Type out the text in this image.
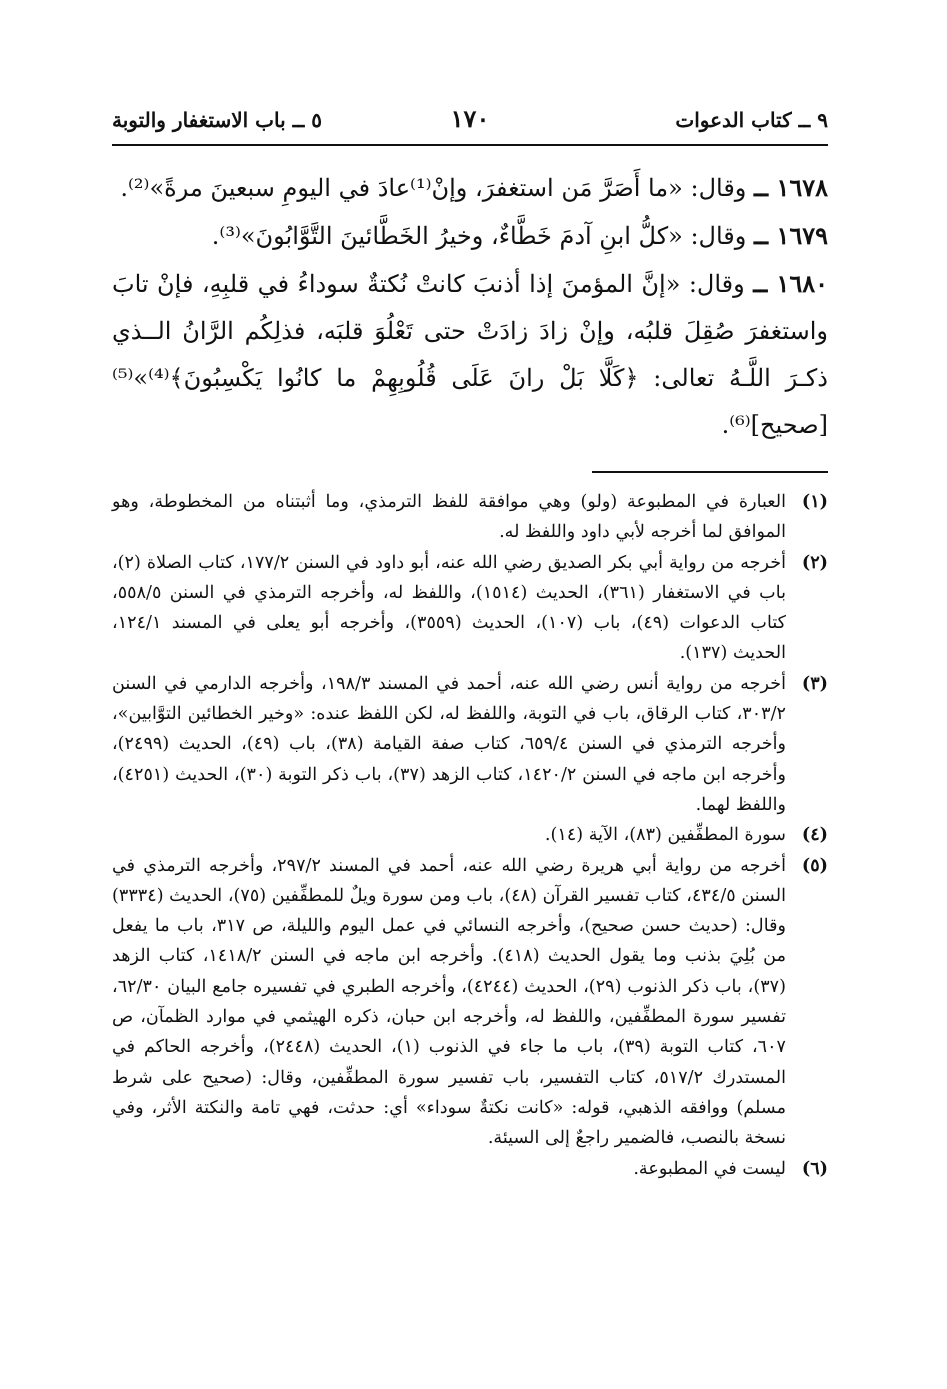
٩ ــ كتاب الدعوات
١٧٠
٥ ــ باب الاستغفار والتوبة

١٦٧٨ ــ وقال: «ما أَصَرَّ مَن استغفرَ، وإنْ⁽¹⁾عادَ في اليومِ سبعينَ مرةً»⁽²⁾.

١٦٧٩ ــ وقال: «كلُّ ابنِ آدمَ خَطَّاءٌ، وخيرُ الخَطَّائينَ التَّوَّابُونَ»⁽³⁾.

١٦٨٠ ــ وقال: «إنَّ المؤمنَ إذا أذنبَ كانتْ نُكتةٌ سوداءُ في قلبِهِ، فإنْ تابَ واستغفرَ صُقِلَ قلبُه، وإنْ زادَ زادَتْ حتى تَعْلُوَ قلبَه، فذلِكُم الرَّانُ الــذي ذكـرَ اللَّـهُ تعالى: ﴿كَلَّا بَلْ رانَ عَلَى قُلُوبِهِمْ ما كانُوا يَكْسِبُونَ﴾⁽⁴⁾»⁽⁵⁾ [صحيح]⁽⁶⁾.

(١)
العبارة في المطبوعة (ولو) وهي موافقة للفظ الترمذي، وما أثبتناه من المخطوطة، وهو الموافق لما أخرجه لأبي داود واللفظ له.
(٢)
أخرجه من رواية أبي بكر الصديق رضي الله عنه، أبو داود في السنن ١٧٧/٢، كتاب الصلاة (٢)، باب في الاستغفار (٣٦١)، الحديث (١٥١٤)، واللفظ له، وأخرجه الترمذي في السنن ٥٥٨/٥، كتاب الدعوات (٤٩)، باب (١٠٧)، الحديث (٣٥٥٩)، وأخرجه أبو يعلى في المسند ١٢٤/١، الحديث (١٣٧).
(٣)
أخرجه من رواية أنس رضي الله عنه، أحمد في المسند ١٩٨/٣، وأخرجه الدارمي في السنن ٣٠٣/٢، كتاب الرقاق، باب في التوبة، واللفظ له، لكن اللفظ عنده: «وخير الخطائين التوَّابين»، وأخرجه الترمذي في السنن ٦٥٩/٤، كتاب صفة القيامة (٣٨)، باب (٤٩)، الحديث (٢٤٩٩)، وأخرجه ابن ماجه في السنن ١٤٢٠/٢، كتاب الزهد (٣٧)، باب ذكر التوبة (٣٠)، الحديث (٤٢٥١)، واللفظ لهما.
(٤)
سورة المطفِّفين (٨٣)، الآية (١٤).
(٥)
أخرجه من رواية أبي هريرة رضي الله عنه، أحمد في المسند ٢٩٧/٢، وأخرجه الترمذي في السنن ٤٣٤/٥، كتاب تفسير القرآن (٤٨)، باب ومن سورة ويلٌ للمطفِّفين (٧٥)، الحديث (٣٣٣٤) وقال: (حديث حسن صحيح)، وأخرجه النسائي في عمل اليوم والليلة، ص ٣١٧، باب ما يفعل من بُلِيَ بذنب وما يقول الحديث (٤١٨). وأخرجه ابن ماجه في السنن ١٤١٨/٢، كتاب الزهد (٣٧)، باب ذكر الذنوب (٢٩)، الحديث (٤٢٤٤)، وأخرجه الطبري في تفسيره جامع البيان ٦٢/٣٠، تفسير سورة المطفِّفين، واللفظ له، وأخرجه ابن حبان، ذكره الهيثمي في موارد الظمآن، ص ٦٠٧، كتاب التوبة (٣٩)، باب ما جاء في الذنوب (١)، الحديث (٢٤٤٨)، وأخرجه الحاكم في المستدرك ٥١٧/٢، كتاب التفسير، باب تفسير سورة المطفِّفين، وقال: (صحيح على شرط مسلم) ووافقه الذهبي، قوله: «كانت نكتةٌ سوداء» أي: حدثت، فهي تامة والنكتة الأثر، وفي نسخة بالنصب، فالضمير راجعٌ إلى السيئة.
(٦)
ليست في المطبوعة.
